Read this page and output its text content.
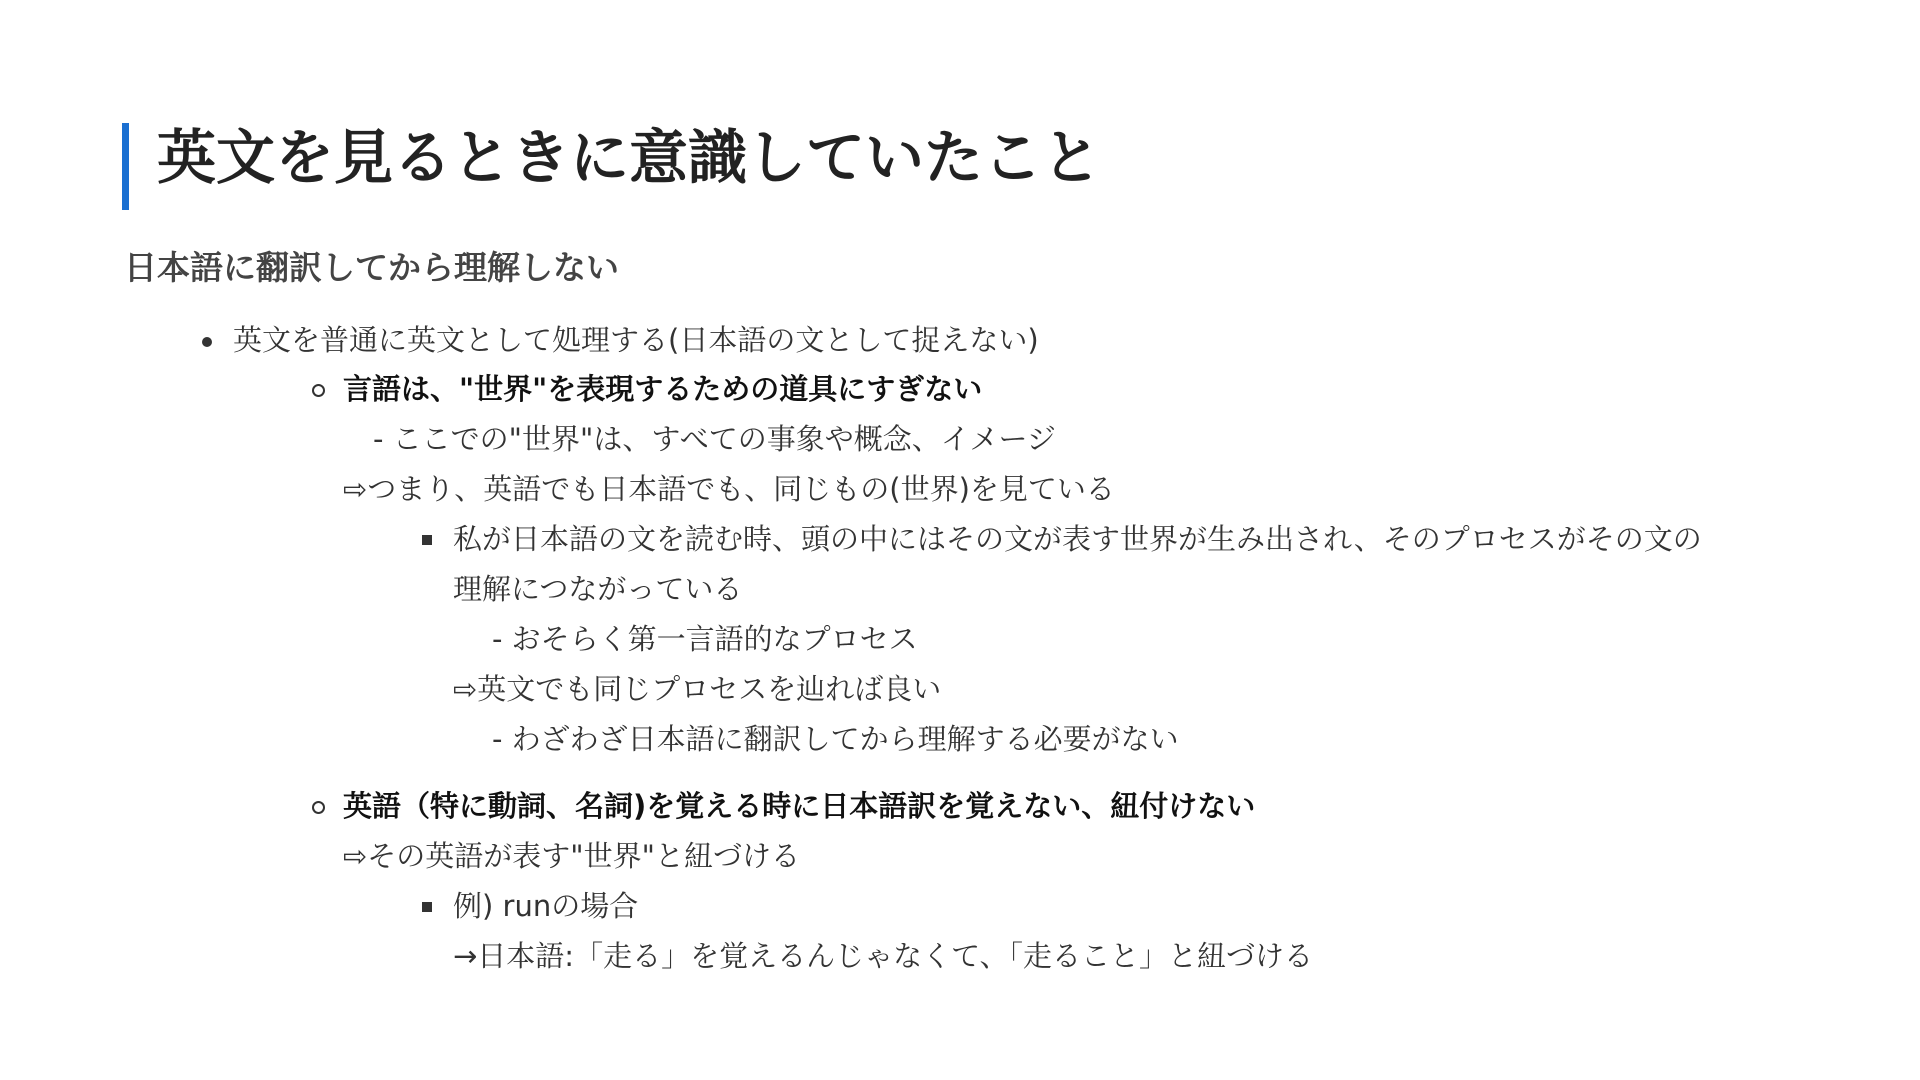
英文を見るときに意識していたこと
日本語に翻訳してから理解しない
英文を普通に英文として処理する(日本語の文として捉えない)
言語は、"世界"を表現するための道具にすぎない
- ここでの"世界"は、すべての事象や概念、イメージ
⇨つまり、英語でも日本語でも、同じもの(世界)を見ている
私が日本語の文を読む時、頭の中にはその文が表す世界が生み出され、そのプロセスがその文の
理解につながっている
- おそらく第一言語的なプロセス
⇨英文でも同じプロセスを辿れば良い
- わざわざ日本語に翻訳してから理解する必要がない
英語（特に動詞、名詞)を覚える時に日本語訳を覚えない、紐付けない
⇨その英語が表す"世界"と紐づける
例) runの場合
→日本語:「走る」を覚えるんじゃなくて、「走ること」と紐づける
